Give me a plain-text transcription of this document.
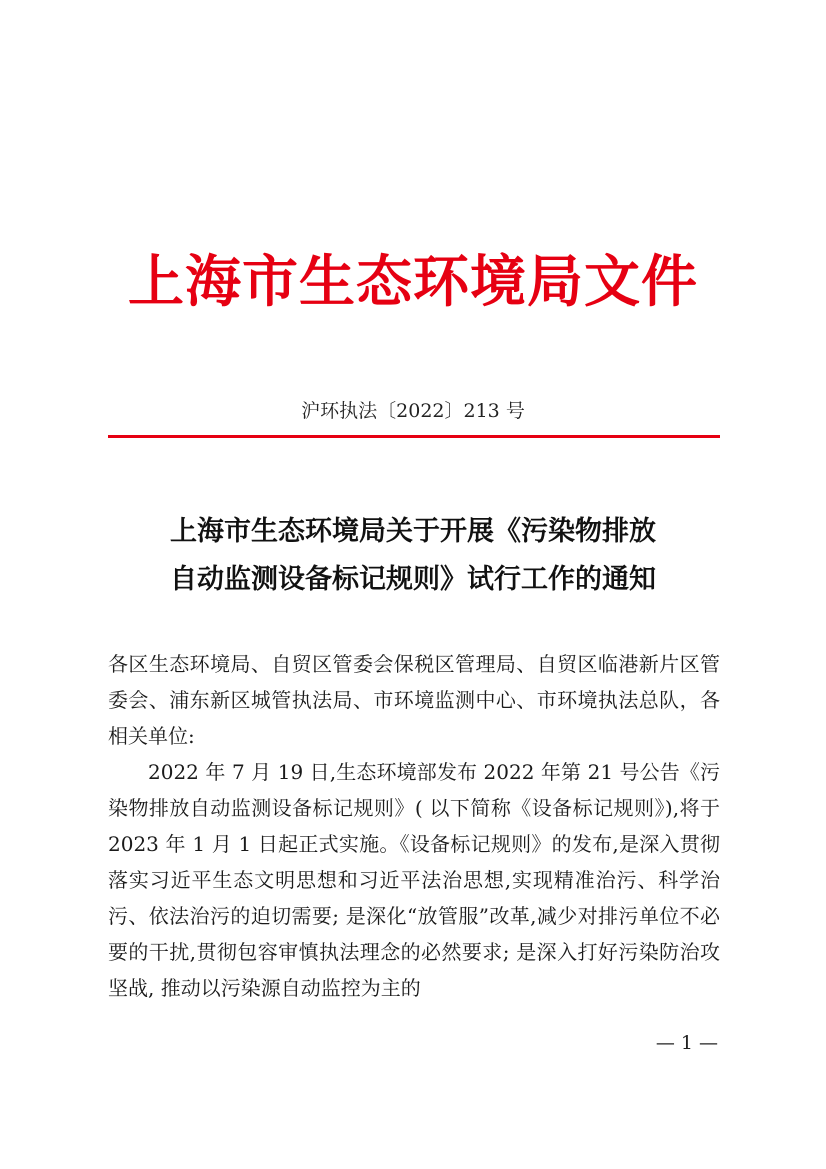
上海市生态环境局文件
沪环执法〔2022〕213 号
上海市生态环境局关于开展《污染物排放
自动监测设备标记规则》试行工作的通知

各区生态环境局、自贸区管委会保税区管理局、自贸区临港新片区管委会、浦东新区城管执法局、市环境监测中心、市环境执法总队，各相关单位:

2022 年 7 月 19 日,生态环境部发布 2022 年第 21 号公告《污染物排放自动监测设备标记规则》( 以下简称《设备标记规则》),将于 2023 年 1 月 1 日起正式实施。《设备标记规则》的发布,是深入贯彻落实习近平生态文明思想和习近平法治思想,实现精准治污、科学治污、依法治污的迫切需要; 是深化“放管服”改革,减少对排污单位不必要的干扰,贯彻包容审慎执法理念的必然要求; 是深入打好污染防治攻坚战, 推动以污染源自动监控为主的

— 1 —
